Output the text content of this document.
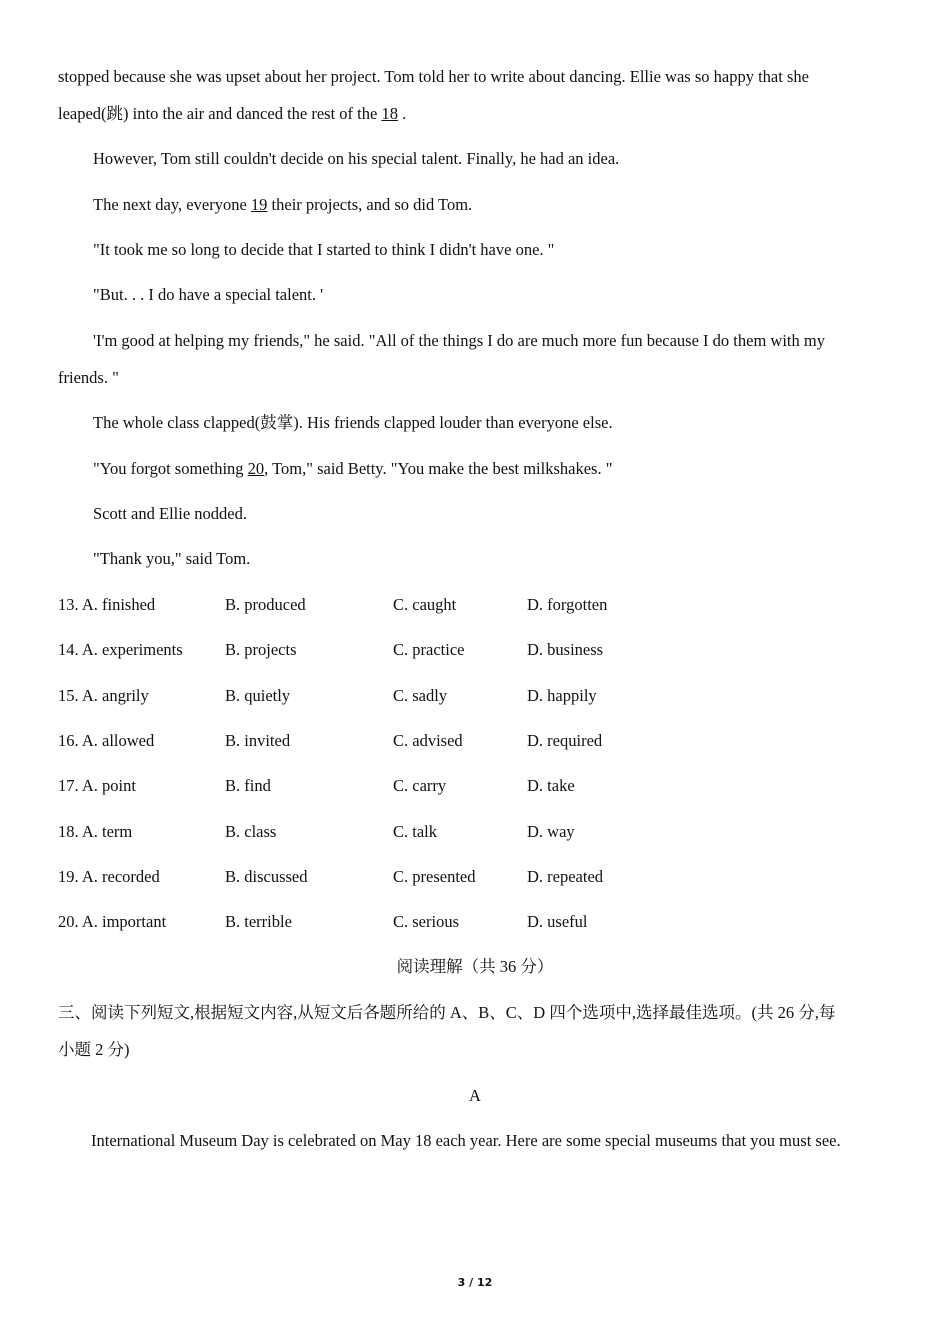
stopped because she was upset about her project. Tom told her to write about dancing. Ellie was so happy that she
leaped(跳) into the air and danced the rest of the 18 .
However, Tom still couldn't decide on his special talent. Finally, he had an idea.
The next day, everyone 19 their projects, and so did Tom.
"It took me so long to decide that I started to think I didn't have one. "
"But. . . I do have a special talent. '
'I'm good at helping my friends," he said. "All of the things I do are much more fun because I do them with my
friends. "
The whole class clapped(鼓掌). His friends clapped louder than everyone else.
"You forgot something 20, Tom," said Betty. "You make the best milkshakes. "
Scott and Ellie nodded.
"Thank you," said Tom.
13. A. finished	B. produced	C. caught	D. forgotten
14. A. experiments	B. projects	C. practice	D. business
15. A. angrily	B. quietly	C. sadly	D. happily
16. A. allowed	B. invited	C. advised	D. required
17. A. point	B. find	C. carry	D. take
18. A. term	B. class	C. talk	D. way
19. A. recorded	B. discussed	C. presented	D. repeated
20. A. important	B. terrible	C. serious	D. useful
阅读理解（共 36 分）
三、阅读下列短文,根据短文内容,从短文后各题所给的 A、B、C、D 四个选项中,选择最佳选项。(共 26 分,每
小题 2 分)
A
International Museum Day is celebrated on May 18 each year. Here are some special museums that you must see.
3 / 12
